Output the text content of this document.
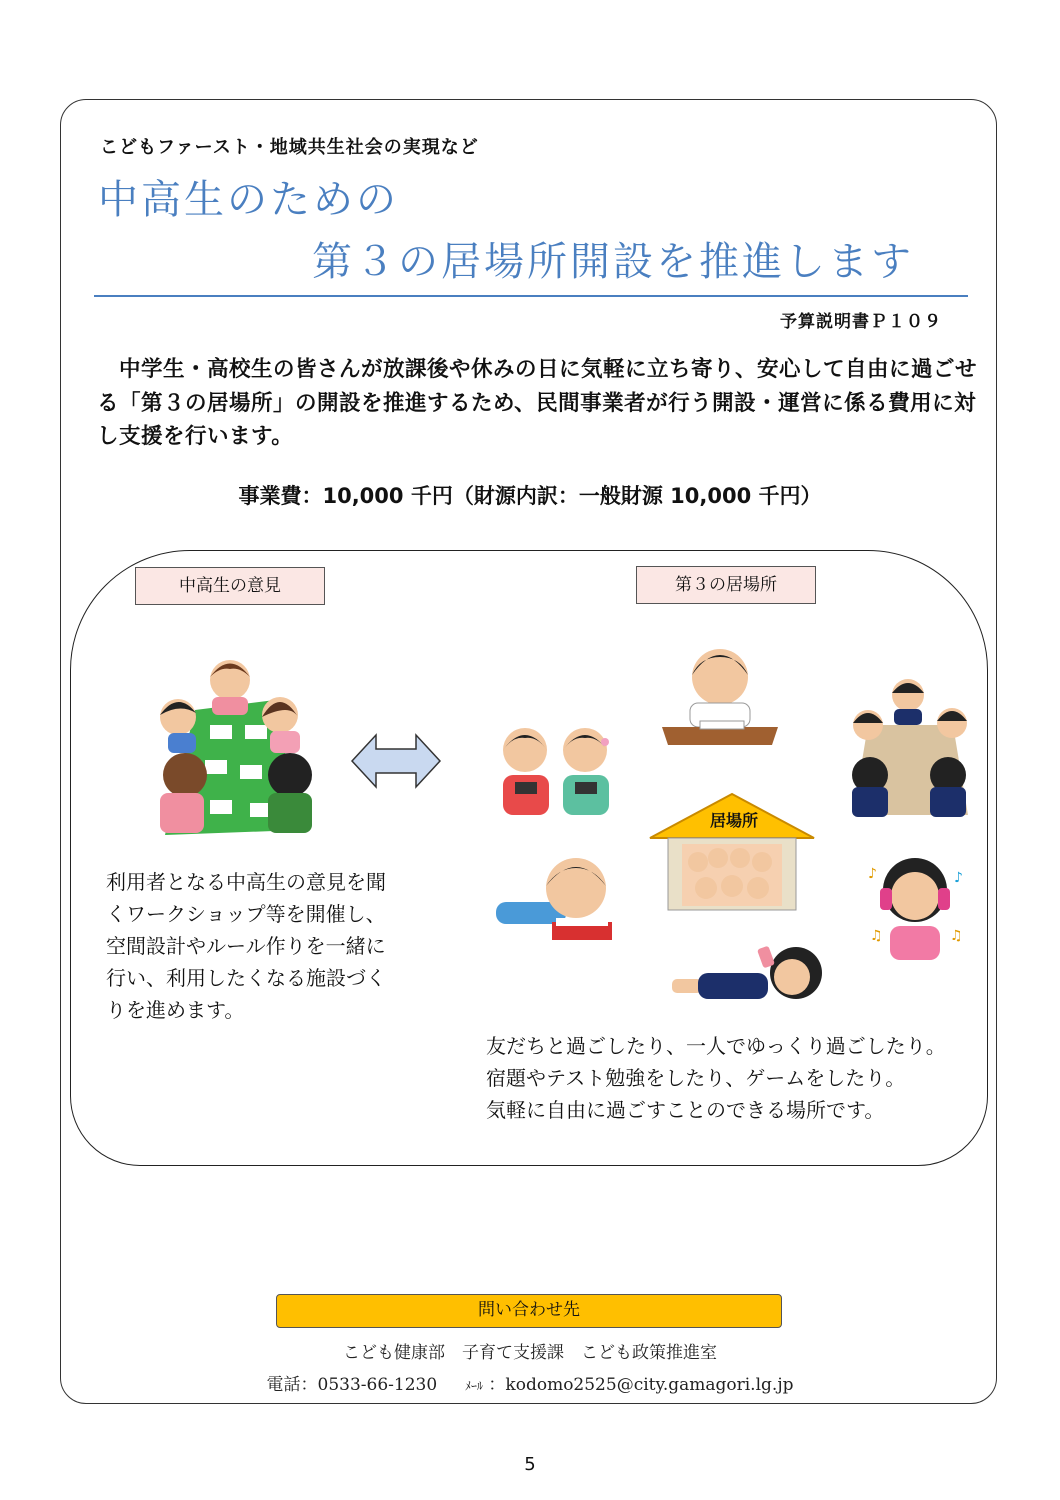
こどもファースト・地域共生社会の実現など
中高生のための
第３の居場所開設を推進します
予算説明書Ｐ１０９
　中学生・高校生の皆さんが放課後や休みの日に気軽に立ち寄り、安心して自由に過ごせる「第３の居場所」の開設を推進するため、民間事業者が行う開設・運営に係る費用に対し支援を行います。
事業費：10,000 千円（財源内訳：一般財源 10,000 千円）
中高生の意見	第３の居場所
居場所
♪	♪
♫	♫
利用者となる中高生の意見を聞
くワークショップ等を開催し、
空間設計やルール作りを一緒に
行い、利用したくなる施設づく
りを進めます。
友だちと過ごしたり、一人でゆっくり過ごしたり。
宿題やテスト勉強をしたり、ゲームをしたり。
気軽に自由に過ごすことのできる場所です。
問い合わせ先
こども健康部　子育て支援課　こども政策推進室
電話：0533-66-1230 　 ﾒｰﾙ ：kodomo2525@city.gamagori.lg.jp
5
